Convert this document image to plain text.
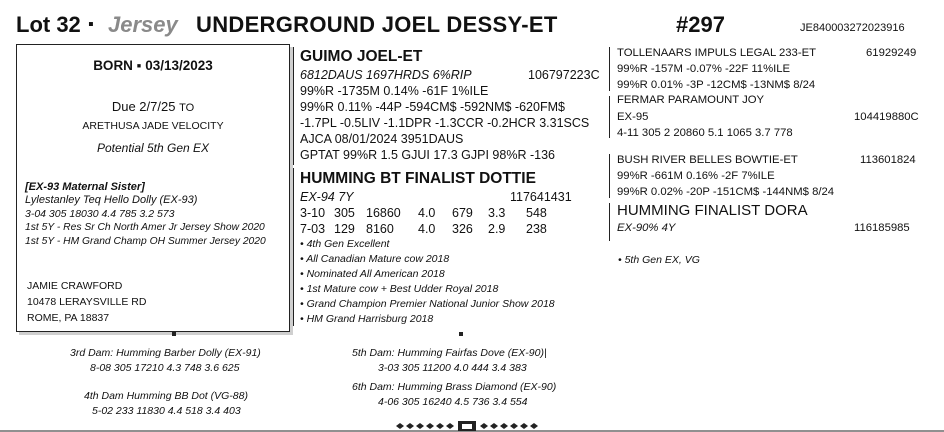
Lot 32 ▪ Jersey UNDERGROUND JOEL DESSY-ET	#297	JE840003272023916
BORN ▪ 03/13/2023
Due 2/7/25 TO
ARETHUSA JADE VELOCITY
Potential 5th Gen EX
[EX-93 Maternal Sister]
Lylestanley Teq Hello Dolly (EX-93)
3-04 305 18030 4.4 785 3.2 573
1st 5Y - Res Sr Ch North Amer Jr Jersey Show 2020
1st 5Y - HM Grand Champ OH Summer Jersey 2020
JAMIE CRAWFORD
10478 LERAYSVILLE RD
ROME, PA 18837
GUIMO JOEL-ET
6812DAUS 1697HRDS 6%RIP	106797223C
99%R -1735M 0.14% -61F 1%ILE
99%R 0.11% -44P -594CM$ -592NM$ -620FM$
-1.7PL -0.5LIV -1.1DPR -1.3CCR -0.2HCR 3.31SCS
AJCA 08/01/2024 3951DAUS
GPTAT 99%R 1.5 GJUI 17.3 GJPI 98%R -136
TOLLENAARS IMPULS LEGAL 233-ET	61929249
99%R -157M -0.07% -22F 11%ILE
99%R 0.01% -3P -12CM$ -13NM$ 8/24
FERMAR PARAMOUNT JOY
EX-95	104419880C
4-11 305 2 20860 5.1 1065 3.7 778
HUMMING BT FINALIST DOTTIE
EX-94 7Y	117641431
3-10 305 16860 4.0 679 3.3 548
7-03 129 8160 4.0 326 2.9 238
• 4th Gen Excellent
• All Canadian Mature cow 2018
• Nominated All American 2018
• 1st Mature cow + Best Udder Royal 2018
• Grand Champion Premier National Junior Show 2018
• HM Grand Harrisburg 2018
BUSH RIVER BELLES BOWTIE-ET	113601824
99%R -661M 0.16% -2F 7%ILE
99%R 0.02% -20P -151CM$ -144NM$ 8/24
HUMMING FINALIST DORA
EX-90% 4Y	116185985
• 5th Gen EX, VG
3rd Dam: Humming Barber Dolly (EX-91)
8-08 305 17210 4.3 748 3.6 625
4th Dam Humming BB Dot (VG-88)
5-02 233 11830 4.4 518 3.4 403
5th Dam: Humming Fairfas Dove (EX-90)|
3-03 305 11200 4.0 444 3.4 383
6th Dam: Humming Brass Diamond (EX-90)
4-06 305 16240 4.5 736 3.4 554
